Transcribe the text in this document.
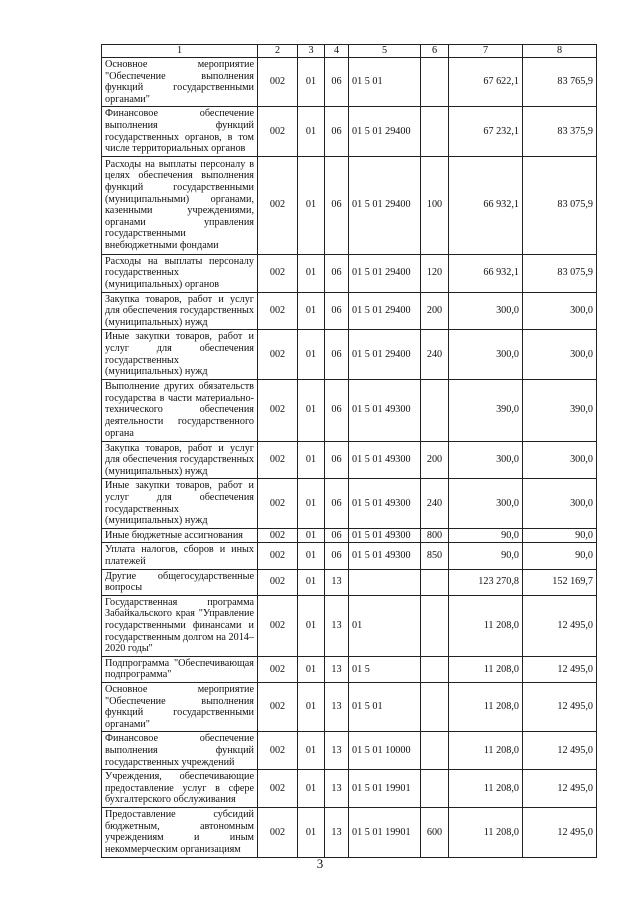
1	2	3	4	5	6	7	8
Основное мероприятие "Обеспечение выполнения функций государственными органами"	002	01	06	01 5 01		67 622,1	83 765,9
Финансовое обеспечение выполнения функций государственных органов, в том числе территориальных органов	002	01	06	01 5 01 29400		67 232,1	83 375,9
Расходы на выплаты персоналу в целях обеспечения выполнения функций государственными (муниципальными) органами, казенными учреждениями, органами управления государственными внебюджетными фондами	002	01	06	01 5 01 29400	100	66 932,1	83 075,9
Расходы на выплаты персоналу государственных (муниципальных) органов	002	01	06	01 5 01 29400	120	66 932,1	83 075,9
Закупка товаров, работ и услуг для обеспечения государственных (муниципальных) нужд	002	01	06	01 5 01 29400	200	300,0	300,0
Иные закупки товаров, работ и услуг для обеспечения государственных (муниципальных) нужд	002	01	06	01 5 01 29400	240	300,0	300,0
Выполнение других обязательств государства в части материально-технического обеспечения деятельности государственного органа	002	01	06	01 5 01 49300		390,0	390,0
Закупка товаров, работ и услуг для обеспечения государственных (муниципальных) нужд	002	01	06	01 5 01 49300	200	300,0	300,0
Иные закупки товаров, работ и услуг для обеспечения государственных (муниципальных) нужд	002	01	06	01 5 01 49300	240	300,0	300,0
Иные бюджетные ассигнования	002	01	06	01 5 01 49300	800	90,0	90,0
Уплата налогов, сборов и иных платежей	002	01	06	01 5 01 49300	850	90,0	90,0
Другие общегосударственные вопросы	002	01	13			123 270,8	152 169,7
Государственная программа Забайкальского края "Управление государственными финансами и государственным долгом на 2014–2020 годы"	002	01	13	01		11 208,0	12 495,0
Подпрограмма "Обеспечивающая подпрограмма"	002	01	13	01 5		11 208,0	12 495,0
Основное мероприятие "Обеспечение выполнения функций государственными органами"	002	01	13	01 5 01		11 208,0	12 495,0
Финансовое обеспечение выполнения функций государственных учреждений	002	01	13	01 5 01 10000		11 208,0	12 495,0
Учреждения, обеспечивающие предоставление услуг в сфере бухгалтерского обслуживания	002	01	13	01 5 01 19901		11 208,0	12 495,0
Предоставление субсидий бюджетным, автономным учреждениям и иным некоммерческим организациям	002	01	13	01 5 01 19901	600	11 208,0	12 495,0
3
